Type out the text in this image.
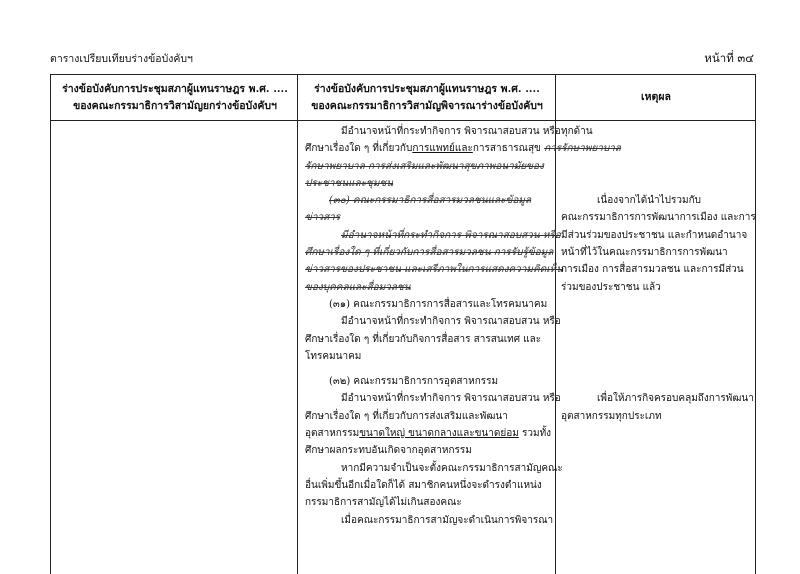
ตารางเปรียบเทียบร่างข้อบังคับฯ	หน้าที่ ๓๔
ร่างข้อบังคับการประชุมสภาผู้แทนราษฎร พ.ศ. ....
ของคณะกรรมาธิการวิสามัญยกร่างข้อบังคับฯ
ร่างข้อบังคับการประชุมสภาผู้แทนราษฎร พ.ศ. ....
ของคณะกรรมาธิการวิสามัญพิจารณาร่างข้อบังคับฯ
เหตุผล
มีอำนาจหน้าที่กระทำกิจการ พิจารณาสอบสวน หรือ
ศึกษาเรื่องใด ๆ ที่เกี่ยวกับการแพทย์และการสาธารณสุข การรักษาพยาบาล
รักษาพยาบาล การส่งเสริมและพัฒนาสุขภาพอนามัยของ
ประชาชนและชุมชน
(๓๐) คณะกรรมาธิการสื่อสารมวลชนและข้อมูล
ข่าวสาร
มีอำนาจหน้าที่กระทำกิจการ พิจารณาสอบสวน หรือ
ศึกษาเรื่องใด ๆ ที่เกี่ยวกับการสื่อสารมวลชน การรับรู้ข้อมูล
ข่าวสารของประชาชน และเสรีภาพในการแสดงความคิดเห็น
ของบุคคลและสื่อมวลชน
(๓๑) คณะกรรมาธิการการสื่อสารและโทรคมนาคม
มีอำนาจหน้าที่กระทำกิจการ พิจารณาสอบสวน หรือ
ศึกษาเรื่องใด ๆ ที่เกี่ยวกับกิจการสื่อสาร สารสนเทศ และ
โทรคมนาคม
(๓๒) คณะกรรมาธิการการอุตสาหกรรม
มีอำนาจหน้าที่กระทำกิจการ พิจารณาสอบสวน หรือ
ศึกษาเรื่องใด ๆ ที่เกี่ยวกับการส่งเสริมและพัฒนา
อุตสาหกรรมขนาดใหญ่ ขนาดกลางและขนาดย่อม รวมทั้ง
ศึกษาผลกระทบอันเกิดจากอุตสาหกรรม
หากมีความจำเป็นจะตั้งคณะกรรมาธิการสามัญคณะ
อื่นเพิ่มขึ้นอีกเมื่อใดก็ได้ สมาชิกคนหนึ่งจะดำรงตำแหน่ง
กรรมาธิการสามัญได้ไม่เกินสองคณะ
เมื่อคณะกรรมาธิการสามัญจะดำเนินการพิจารณา
ทุกด้าน
เนื่องจากได้นำไปรวมกับ
คณะกรรมาธิการการพัฒนาการเมือง และการ
มีส่วนร่วมของประชาชน และกำหนดอำนาจ
หน้าที่ไว้ในคณะกรรมาธิการการพัฒนา
การเมือง การสื่อสารมวลชน และการมีส่วน
ร่วมของประชาชน แล้ว
เพื่อให้ภารกิจครอบคลุมถึงการพัฒนา
อุตสาหกรรมทุกประเภท
